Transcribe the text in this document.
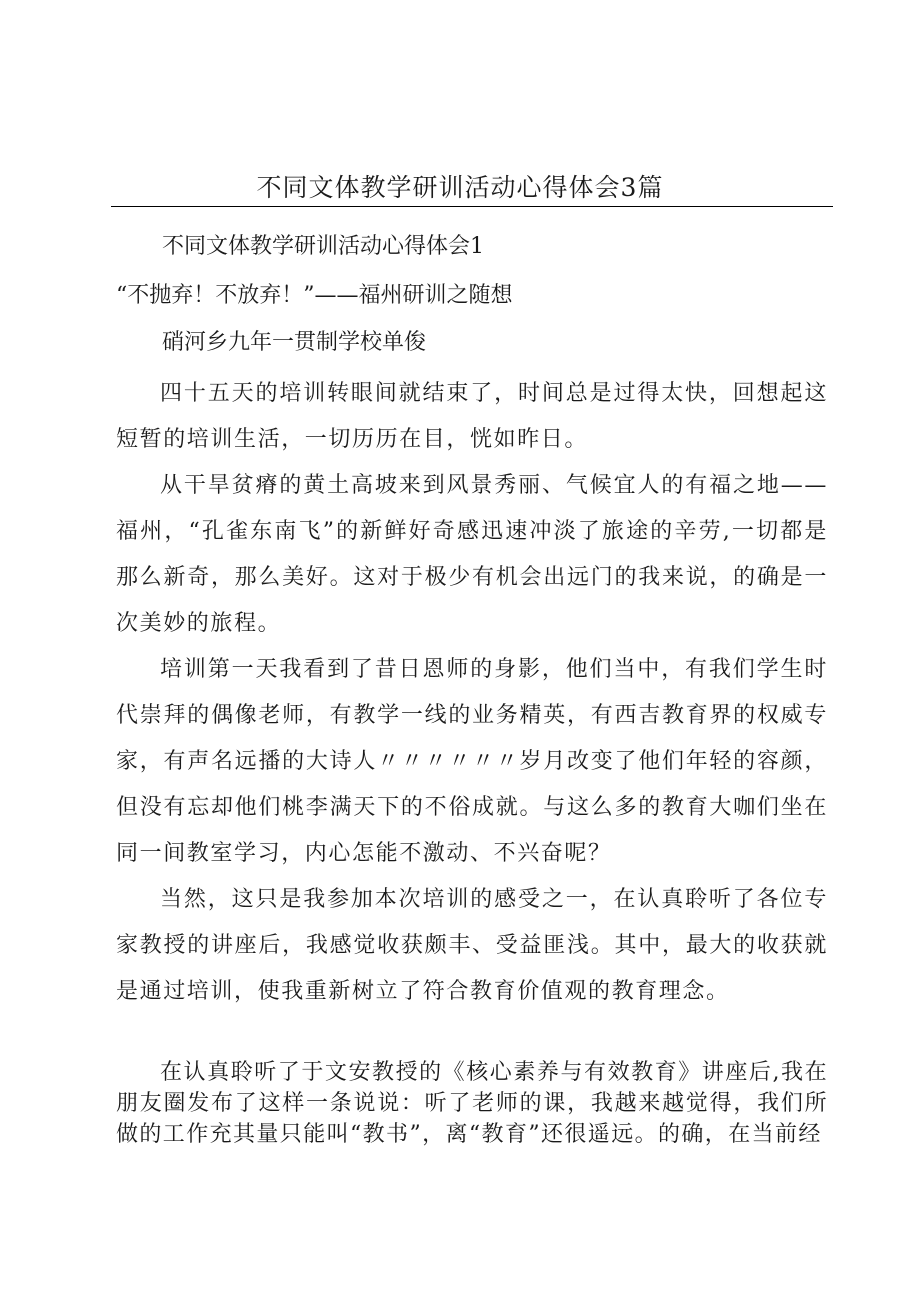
不同文体教学研训活动心得体会3篇
不同文体教学研训活动心得体会1
“不抛弃！不放弃！”——福州研训之随想
硝河乡九年一贯制学校单俊

四十五天的培训转眼间就结束了，时间总是过得太快，回想起这短暂的培训生活，一切历历在目，恍如昨日。

从干旱贫瘠的黄土高坡来到风景秀丽、气候宜人的有福之地——福州，“孔雀东南飞”的新鲜好奇感迅速冲淡了旅途的辛劳,一切都是那么新奇，那么美好。这对于极少有机会出远门的我来说，的确是一次美妙的旅程。

培训第一天我看到了昔日恩师的身影，他们当中，有我们学生时代崇拜的偶像老师，有教学一线的业务精英，有西吉教育界的权威专家，有声名远播的大诗人〃〃〃〃〃〃岁月改变了他们年轻的容颜，但没有忘却他们桃李满天下的不俗成就。与这么多的教育大咖们坐在同一间教室学习，内心怎能不激动、不兴奋呢？

当然，这只是我参加本次培训的感受之一，在认真聆听了各位专家教授的讲座后，我感觉收获颇丰、受益匪浅。其中，最大的收获就是通过培训，使我重新树立了符合教育价值观的教育理念。

在认真聆听了于文安教授的《核心素养与有效教育》讲座后,我在朋友圈发布了这样一条说说：听了老师的课，我越来越觉得，我们所做的工作充其量只能叫“教书”，离“教育”还很遥远。的确，在当前经
